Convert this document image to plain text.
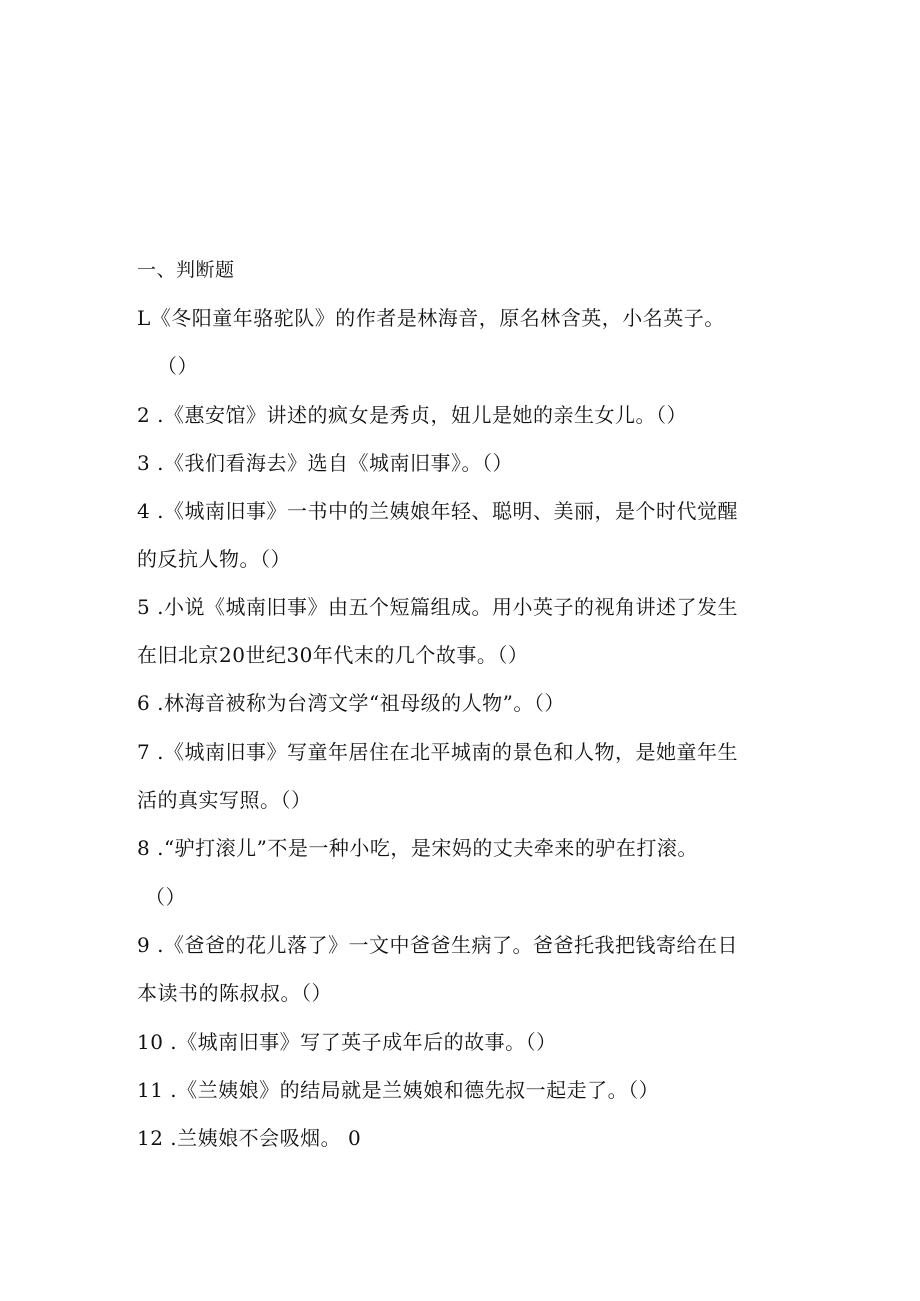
一、判断题
L《冬阳童年骆驼队》的作者是林海音，原名林含英，小名英子。
（）
2 .《惠安馆》讲述的疯女是秀贞，妞儿是她的亲生女儿。（）
3 .《我们看海去》选自《城南旧事》。（）
4 .《城南旧事》一书中的兰姨娘年轻、聪明、美丽，是个时代觉醒
的反抗人物。（）
5 .小说《城南旧事》由五个短篇组成。用小英子的视角讲述了发生
在旧北京20世纪30年代末的几个故事。（）
6 .林海音被称为台湾文学“祖母级的人物”。（）
7 .《城南旧事》写童年居住在北平城南的景色和人物，是她童年生
活的真实写照。（）
8 .“驴打滚儿”不是一种小吃，是宋妈的丈夫牵来的驴在打滚。
（）
9 .《爸爸的花儿落了》一文中爸爸生病了。爸爸托我把钱寄给在日
本读书的陈叔叔。（）
10 .《城南旧事》写了英子成年后的故事。（）
11 .《兰姨娘》的结局就是兰姨娘和德先叔一起走了。（）
12 .兰姨娘不会吸烟。 0
